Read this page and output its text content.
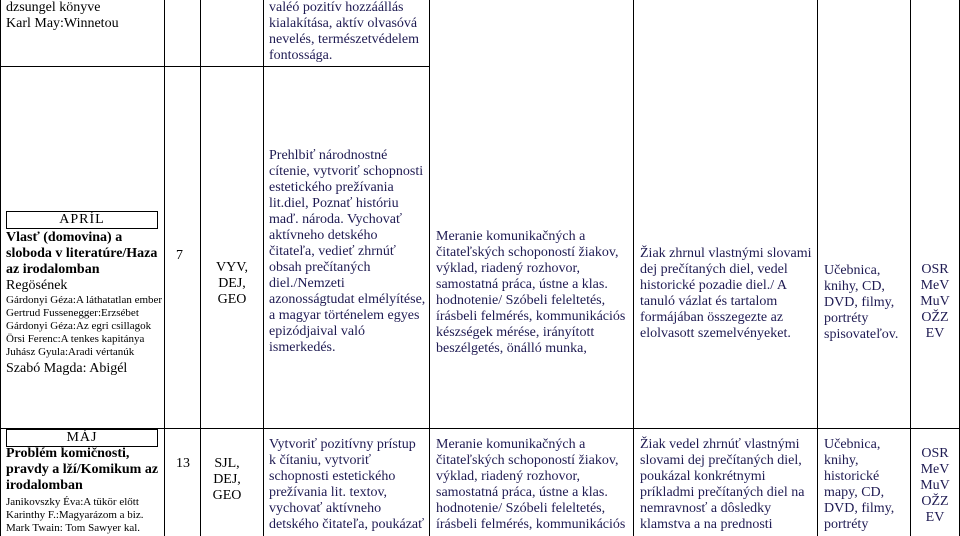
dzsungel könyve
Karl May:Winnetou
valéó pozitív hozzáállás
kialakítása, aktív olvasóvá
nevelés, természetvédelem
fontossága.
APRÍL
Vlasť (domovina) a
sloboda v literatúre/Haza
az irodalomban
Regösének
Gárdonyi Géza:A láthatatlan ember
Gertrud Fussenegger:Erzsébet
Gárdonyi Géza:Az egri csillagok
Örsi Ferenc:A tenkes kapitánya
Juhász Gyula:Aradi vértanúk
Szabó Magda: Abigél
7
VYV,
DEJ,
GEO
Prehlbiť národnostné
cítenie, vytvoriť schopnosti
estetického prežívania
lit.diel, Poznať históriu
maď. národa. Vychovať
aktívneho detského
čitateľa, vedieť zhrnúť
obsah prečítaných
diel./Nemzeti
azonosságtudat elmélyítése,
a magyar történelem egyes
epizódjaival való
ismerkedés.
Meranie komunikačných a
čitateľských schopoností žiakov,
výklad, riadený rozhovor,
samostatná práca, ústne a klas.
hodnotenie/ Szóbeli feleltetés,
írásbeli felmérés, kommunikációs
készségek mérése, irányított
beszélgetés, önálló munka,
Žiak zhrnul vlastnými slovami
dej prečítaných diel, vedel
historické pozadie diel./ A
tanuló vázlat és tartalom
formájában összegezte az
elolvasott szemelvényeket.
Učebnica,
knihy, CD,
DVD, filmy,
portréty
spisovateľov.
OSR
MeV
MuV
OŽZ
EV
MÁJ
Problém komičnosti,
pravdy a lží/Komikum az
irodalomban
Janikovszky Éva:A tükör előtt
Karinthy F.:Magyarázom a biz.
Mark Twain: Tom Sawyer kal.
13	SJL,
DEJ,
GEO
Vytvoriť pozitívny prístup
k čítaniu, vytvoriť
schopnosti estetického
prežívania lit. textov,
vychovať aktívneho
detského čitateľa, poukázať
Meranie komunikačných a
čitateľských schopoností žiakov,
výklad, riadený rozhovor,
samostatná práca, ústne a klas.
hodnotenie/ Szóbeli feleltetés,
írásbeli felmérés, kommunikációs
Žiak vedel zhrnúť vlastnými
slovami dej prečítaných diel,
poukázal konkrétnymi
príkladmi prečítaných diel na
nemravnosť a dôsledky
klamstva a na prednosti
Učebnica,
knihy,
historické
mapy, CD,
DVD, filmy,
portréty
OSR
MeV
MuV
OŽZ
EV
